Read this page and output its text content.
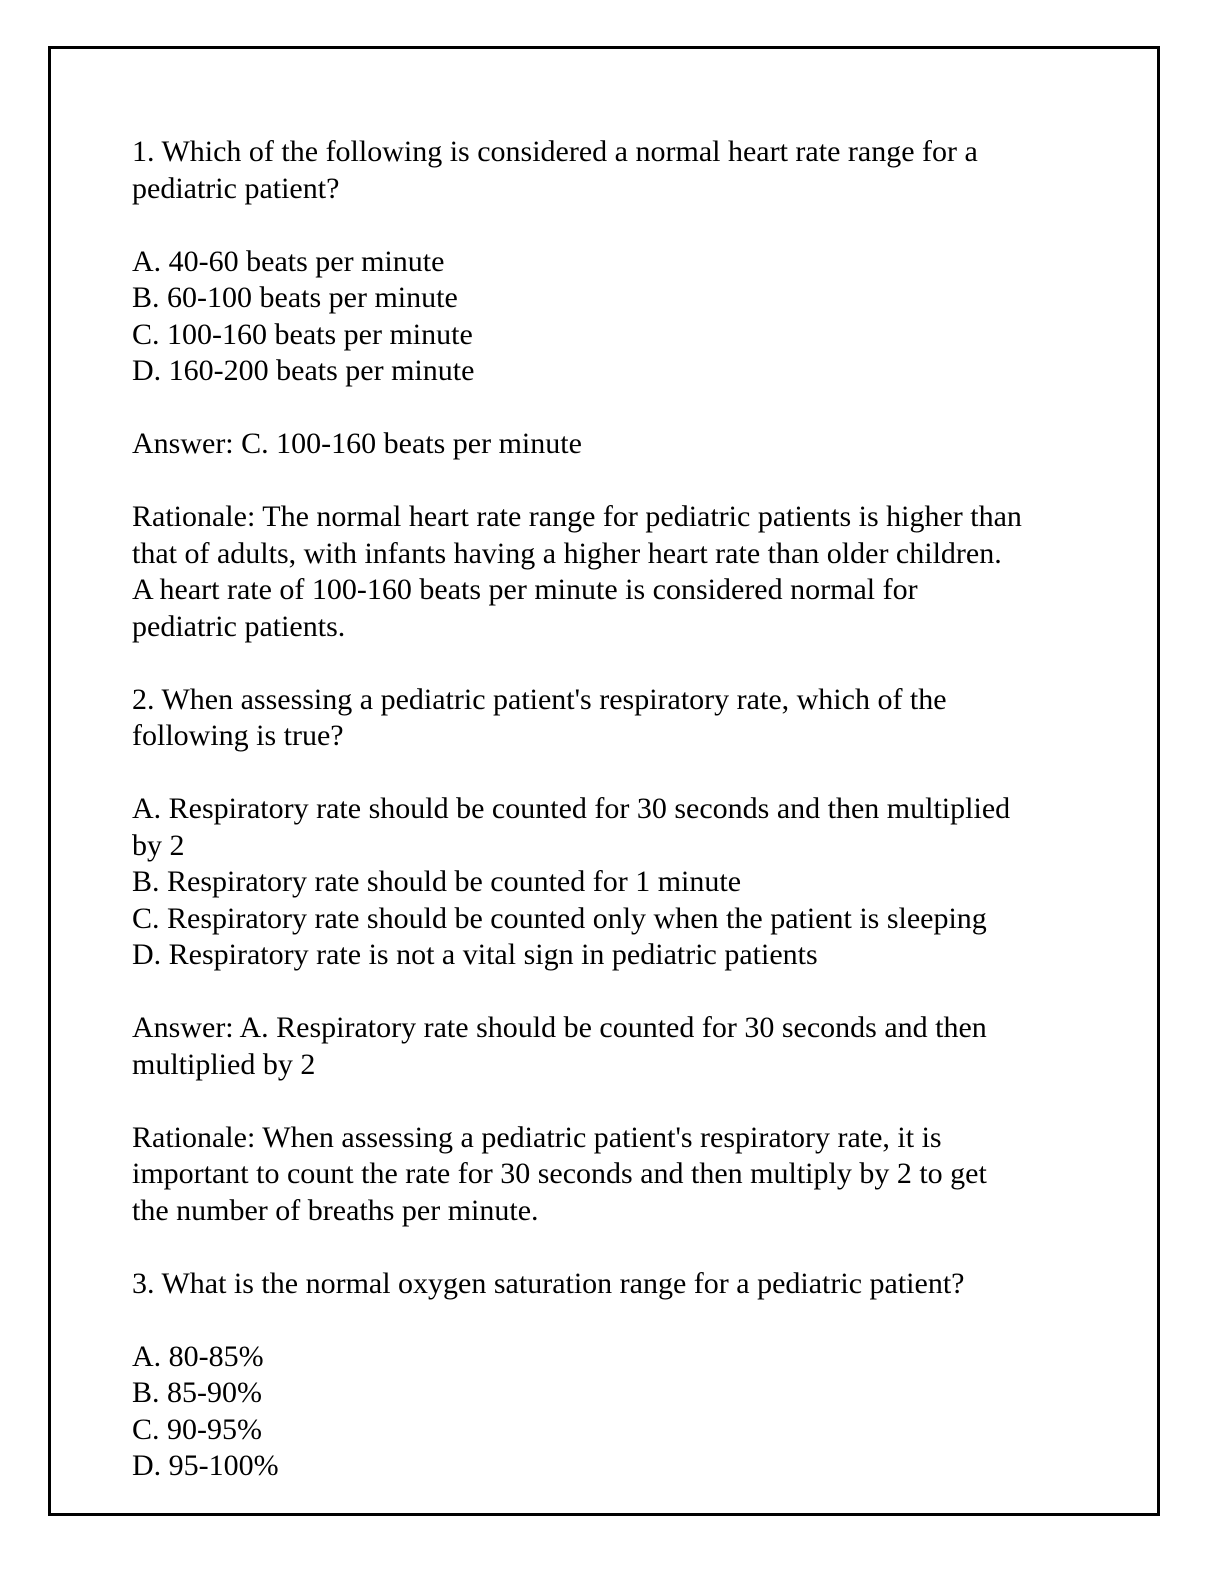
1. Which of the following is considered a normal heart rate range for a
pediatric patient?
A. 40-60 beats per minute
B. 60-100 beats per minute
C. 100-160 beats per minute
D. 160-200 beats per minute
Answer: C. 100-160 beats per minute
Rationale: The normal heart rate range for pediatric patients is higher than
that of adults, with infants having a higher heart rate than older children.
A heart rate of 100-160 beats per minute is considered normal for
pediatric patients.
2. When assessing a pediatric patient's respiratory rate, which of the
following is true?
A. Respiratory rate should be counted for 30 seconds and then multiplied
by 2
B. Respiratory rate should be counted for 1 minute
C. Respiratory rate should be counted only when the patient is sleeping
D. Respiratory rate is not a vital sign in pediatric patients
Answer: A. Respiratory rate should be counted for 30 seconds and then
multiplied by 2
Rationale: When assessing a pediatric patient's respiratory rate, it is
important to count the rate for 30 seconds and then multiply by 2 to get
the number of breaths per minute.
3. What is the normal oxygen saturation range for a pediatric patient?
A. 80-85%
B. 85-90%
C. 90-95%
D. 95-100%
